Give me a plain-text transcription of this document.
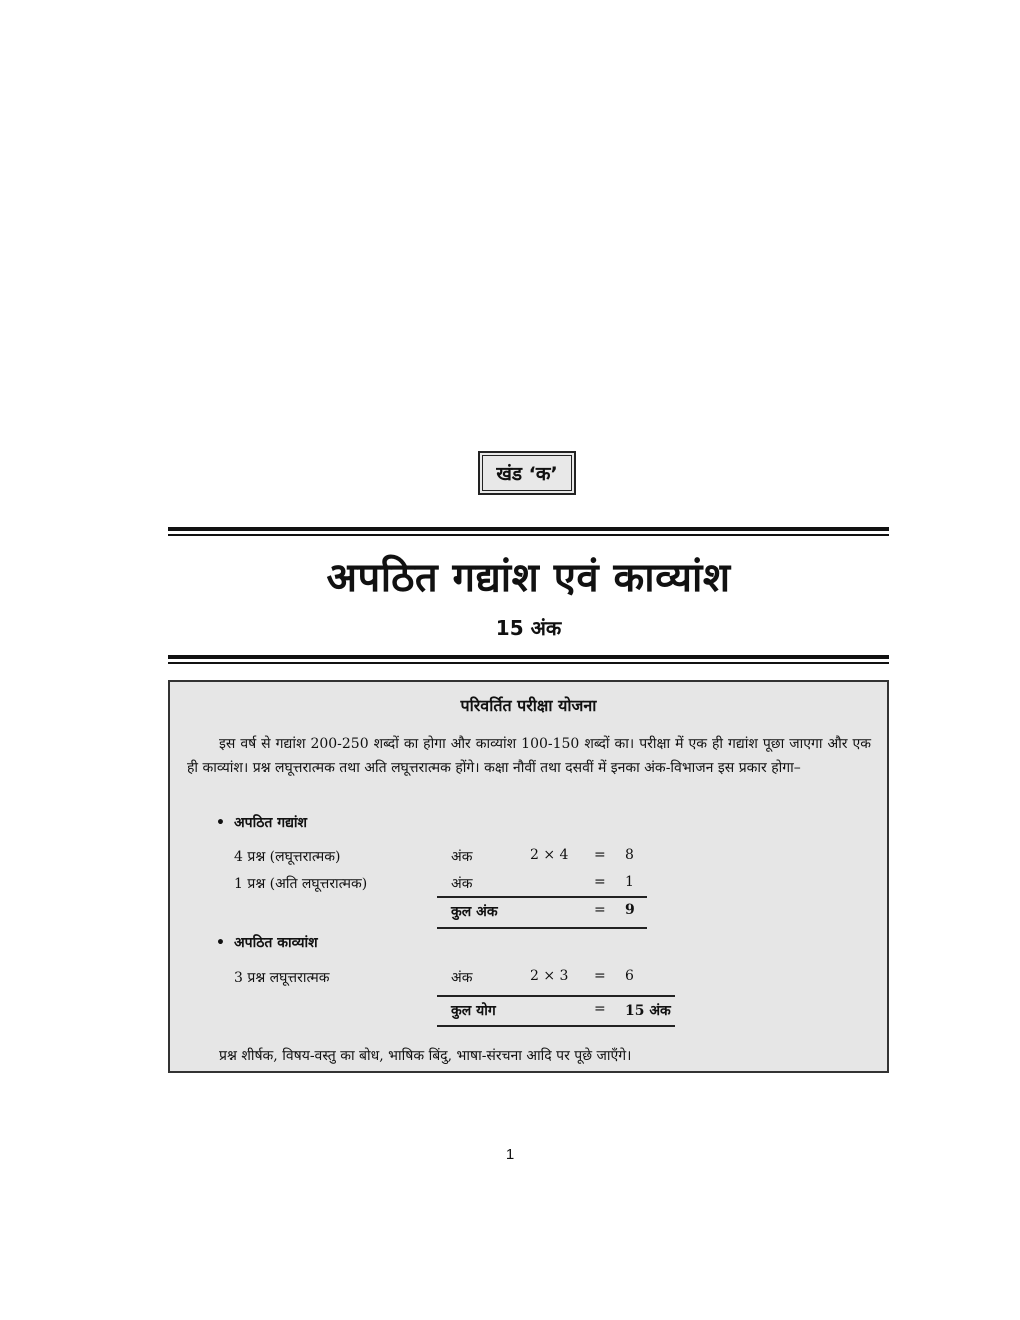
खंड ‘क’
अपठित गद्यांश एवं काव्यांश
15 अंक
परिवर्तित परीक्षा योजना

इस वर्ष से गद्यांश 200-250 शब्दों का होगा और काव्यांश 100-150 शब्दों का। परीक्षा में एक ही गद्यांश पूछा जाएगा और एक ही काव्यांश। प्रश्न लघूत्तरात्मक तथा अति लघूत्तरात्मक होंगे। कक्षा नौवीं तथा दसवीं में इनका अंक-विभाजन इस प्रकार होगा–

• अपठित गद्यांश
4 प्रश्न (लघूत्तरात्मक)	अंक	2 × 4 = 8
1 प्रश्न (अति लघूत्तरात्मक)	अंक	= 1
कुल अंक	= 9
• अपठित काव्यांश
3 प्रश्न लघूत्तरात्मक	अंक	2 × 3 = 6
कुल योग	= 15 अंक
प्रश्न शीर्षक, विषय-वस्तु का बोध, भाषिक बिंदु, भाषा-संरचना आदि पर पूछे जाएँगे।
1
